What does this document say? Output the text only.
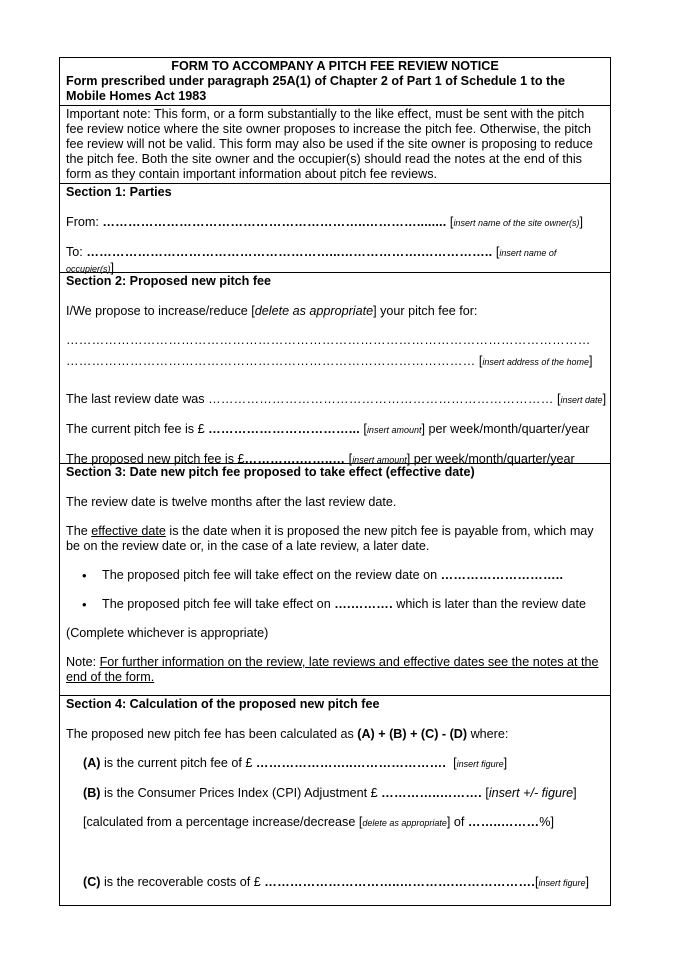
FORM TO ACCOMPANY A PITCH FEE REVIEW NOTICE

Form prescribed under paragraph 25A(1) of Chapter 2 of Part 1 of Schedule 1 to the Mobile Homes Act 1983

Important note: This form, or a form substantially to the like effect, must be sent with the pitch fee review notice where the site owner proposes to increase the pitch fee. Otherwise, the pitch fee review will not be valid. This form may also be used if the site owner is proposing to reduce the pitch fee. Both the site owner and the occupier(s) should read the notes at the end of this form as they contain important information about pitch fee reviews.

Section 1: Parties

From: ……………………………………………………..…………........ [insert name of the site owner(s)]

To: …………………………………………………...……………….…………….. [insert name of occupier(s)]

Section 2: Proposed new pitch fee

I/We propose to increase/reduce [delete as appropriate] your pitch fee for:

……………………………………………………………………………………………………………

…………………………………………………………………………………… [insert address of the home]

The last review date was ……………………………………………………………………… [insert date]

The current pitch fee is £ ……………………………... [insert amount] per week/month/quarter/year

The proposed new pitch fee is £………….……..… [insert amount] per week/month/quarter/year

Section 3: Date new pitch fee proposed to take effect (effective date)

The review date is twelve months after the last review date.

The effective date is the date when it is proposed the new pitch fee is payable from, which may be on the review date or, in the case of a late review, a later date.

• The proposed pitch fee will take effect on the review date on ………………………..

• The proposed pitch fee will take effect on ….………. which is later than the review date

(Complete whichever is appropriate)

Note: For further information on the review, late reviews and effective dates see the notes at the end of the form.

Section 4: Calculation of the proposed new pitch fee

The proposed new pitch fee has been calculated as (A) + (B) + (C) - (D) where:

(A) is the current pitch fee of £ …………………..………………….  [insert figure]

(B) is the Consumer Prices Index (CPI) Adjustment £ …………..………. [insert +/- figure]

[calculated from a percentage increase/decrease [delete as appropriate] of ……..………%]

(C) is the recoverable costs of £ …………………………..………….……………….[insert figure]
